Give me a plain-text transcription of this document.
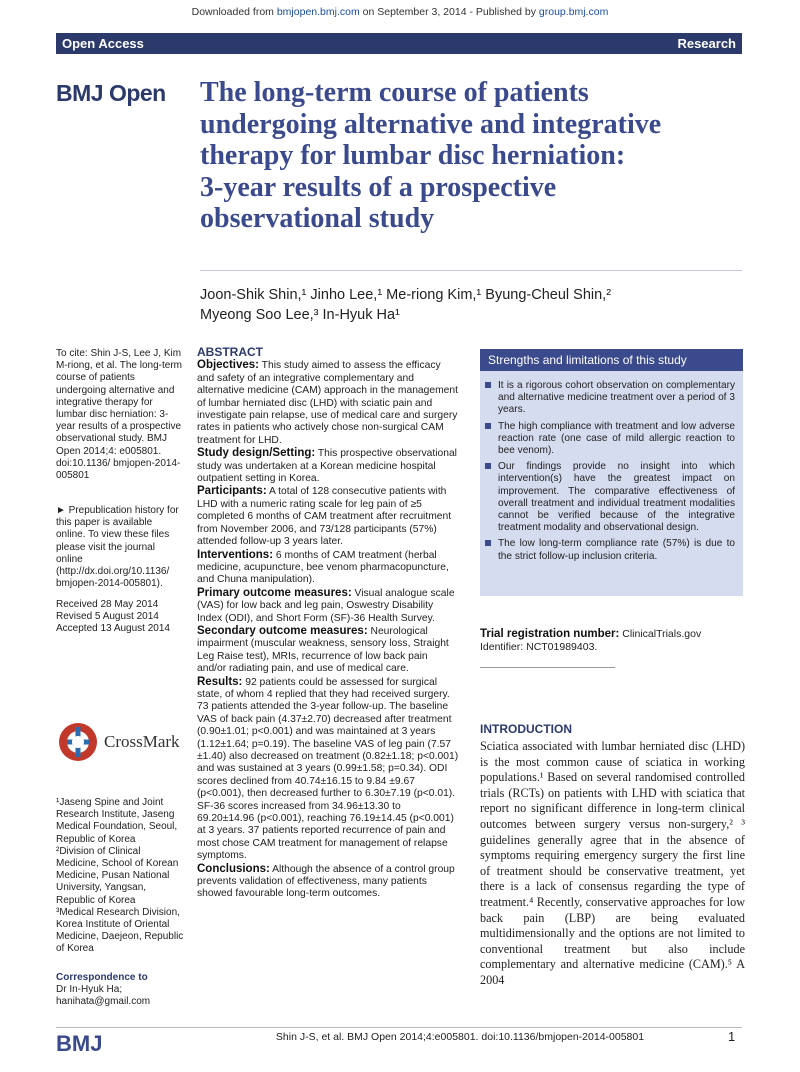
Downloaded from bmjopen.bmj.com on September 3, 2014 - Published by group.bmj.com
Open Access	Research
BMJ Open The long-term course of patients
undergoing alternative and integrative
therapy for lumbar disc herniation:
3-year results of a prospective
observational study
Joon-Shik Shin,¹ Jinho Lee,¹ Me-riong Kim,¹ Byung-Cheul Shin,²
Myeong Soo Lee,³ In-Hyuk Ha¹

To cite: Shin J-S, Lee J, Kim M-riong, et al. The long-term course of patients undergoing alternative and integrative therapy for lumbar disc herniation: 3-year results of a prospective observational study. BMJ Open 2014;4: e005801. doi:10.1136/ bmjopen-2014-005801

► Prepublication history for this paper is available online. To view these files please visit the journal online (http://dx.doi.org/10.1136/ bmjopen-2014-005801).

Received 28 May 2014

Revised 5 August 2014

Accepted 13 August 2014

CrossMark

¹Jaseng Spine and Joint Research Institute, Jaseng Medical Foundation, Seoul, Republic of Korea

²Division of Clinical Medicine, School of Korean Medicine, Pusan National University, Yangsan, Republic of Korea

³Medical Research Division, Korea Institute of Oriental Medicine, Daejeon, Republic of Korea

Correspondence to

Dr In-Hyuk Ha; hanihata@gmail.com

ABSTRACT

Objectives: This study aimed to assess the efficacy and safety of an integrative complementary and alternative medicine (CAM) approach in the management of lumbar herniated disc (LHD) with sciatic pain and investigate pain relapse, use of medical care and surgery rates in patients who actively chose non-surgical CAM treatment for LHD.

Study design/Setting: This prospective observational study was undertaken at a Korean medicine hospital outpatient setting in Korea.

Participants: A total of 128 consecutive patients with LHD with a numeric rating scale for leg pain of ≥5 completed 6 months of CAM treatment after recruitment from November 2006, and 73/128 participants (57%) attended follow-up 3 years later.

Interventions: 6 months of CAM treatment (herbal medicine, acupuncture, bee venom pharmacopuncture, and Chuna manipulation).

Primary outcome measures: Visual analogue scale (VAS) for low back and leg pain, Oswestry Disability Index (ODI), and Short Form (SF)-36 Health Survey.

Secondary outcome measures: Neurological impairment (muscular weakness, sensory loss, Straight Leg Raise test), MRIs, recurrence of low back pain and/or radiating pain, and use of medical care.

Results: 92 patients could be assessed for surgical state, of whom 4 replied that they had received surgery. 73 patients attended the 3-year follow-up. The baseline VAS of back pain (4.37±2.70) decreased after treatment (0.90±1.01; p<0.001) and was maintained at 3 years (1.12±1.64; p=0.19). The baseline VAS of leg pain (7.57 ±1.40) also decreased on treatment (0.82±1.18; p<0.001) and was sustained at 3 years (0.99±1.58; p=0.34). ODI scores declined from 40.74±16.15 to 9.84 ±9.67 (p<0.001), then decreased further to 6.30±7.19 (p<0.01). SF-36 scores increased from 34.96±13.30 to 69.20±14.96 (p<0.001), reaching 76.19±14.45 (p<0.001) at 3 years. 37 patients reported recurrence of pain and most chose CAM treatment for management of relapse symptoms.

Conclusions: Although the absence of a control group prevents validation of effectiveness, many patients showed favourable long-term outcomes.

Strengths and limitations of this study
It is a rigorous cohort observation on complementary and alternative medicine treatment over a period of 3 years.
The high compliance with treatment and low adverse reaction rate (one case of mild allergic reaction to bee venom).
Our findings provide no insight into which intervention(s) have the greatest impact on improvement. The comparative effectiveness of overall treatment and individual treatment modalities cannot be verified because of the integrative treatment modality and observational design.
The low long-term compliance rate (57%) is due to the strict follow-up inclusion criteria.
Trial registration number: ClinicalTrials.gov Identifier: NCT01989403.
INTRODUCTION
Sciatica associated with lumbar herniated disc (LHD) is the most common cause of sciatica in working populations.¹ Based on several randomised controlled trials (RCTs) on patients with LHD with sciatica that report no significant difference in long-term clinical outcomes between surgery versus non-surgery,² ³ guidelines generally agree that in the absence of symptoms requiring emergency surgery the first line of treatment should be conservative treatment, yet there is a lack of consensus regarding the type of treatment.⁴ Recently, conservative approaches for low back pain (LBP) are being evaluated multidimensionally and the options are not limited to conventional treatment but also include complementary and alternative medicine (CAM).⁵ A 2004
BMJ	Shin J-S, et al. BMJ Open 2014;4:e005801. doi:10.1136/bmjopen-2014-005801	1
